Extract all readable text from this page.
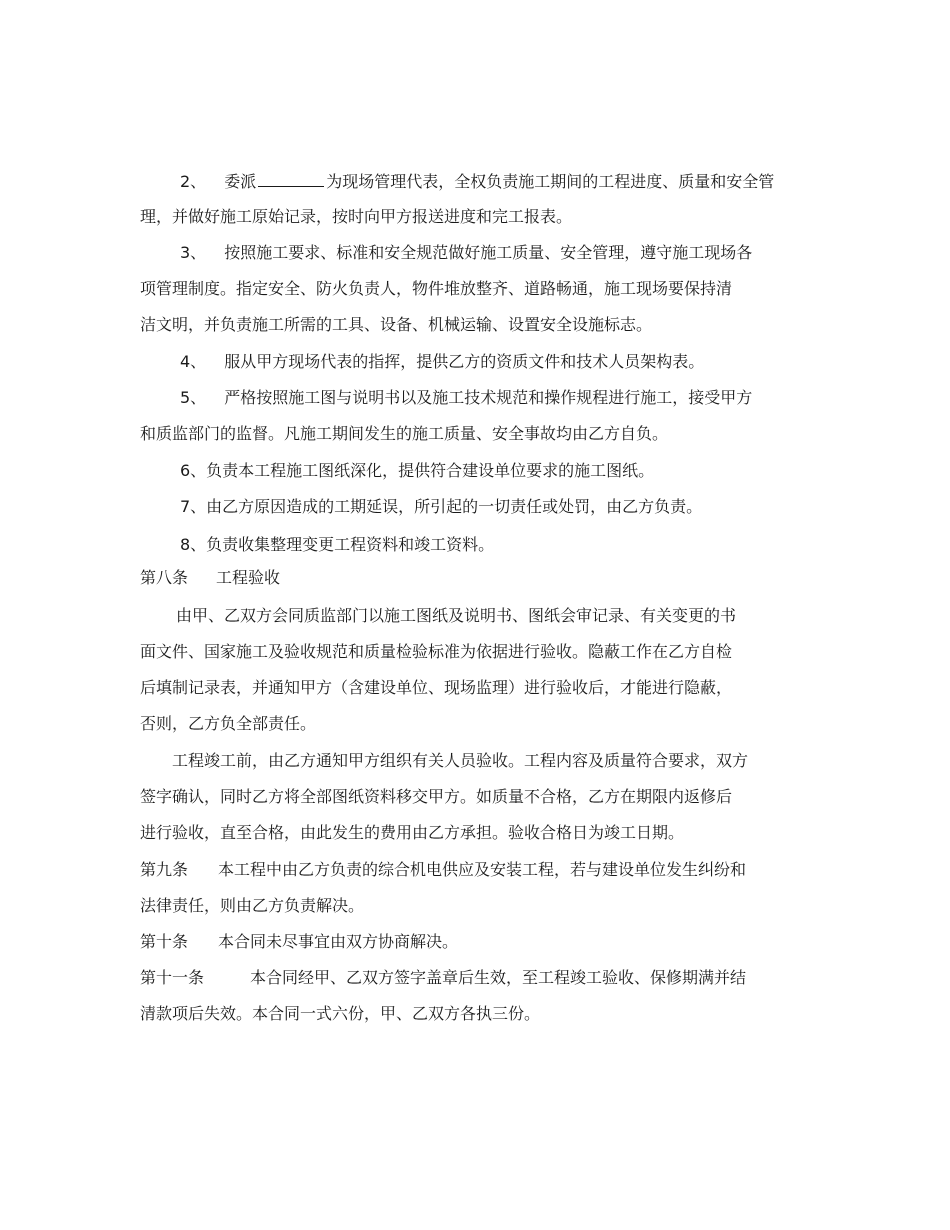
2、 委派	为现场管理代表，全权负责施工期间的工程进度、质量和安全管
理，并做好施工原始记录，按时向甲方报送进度和完工报表。
3、 按照施工要求、标准和安全规范做好施工质量、安全管理，遵守施工现场各
项管理制度。指定安全、防火负责人，物件堆放整齐、道路畅通，施工现场要保持清
洁文明，并负责施工所需的工具、设备、机械运输、设置安全设施标志。
4、 服从甲方现场代表的指挥，提供乙方的资质文件和技术人员架构表。
5、 严格按照施工图与说明书以及施工技术规范和操作规程进行施工，接受甲方
和质监部门的监督。凡施工期间发生的施工质量、安全事故均由乙方自负。
6、负责本工程施工图纸深化，提供符合建设单位要求的施工图纸。
7、由乙方原因造成的工期延误，所引起的一切责任或处罚，由乙方负责。
8、负责收集整理变更工程资料和竣工资料。
第八条 工程验收
由甲、乙双方会同质监部门以施工图纸及说明书、图纸会审记录、有关变更的书
面文件、国家施工及验收规范和质量检验标准为依据进行验收。隐蔽工作在乙方自检
后填制记录表，并通知甲方（含建设单位、现场监理）进行验收后，才能进行隐蔽，
否则，乙方负全部责任。
工程竣工前，由乙方通知甲方组织有关人员验收。工程内容及质量符合要求，双方
签字确认，同时乙方将全部图纸资料移交甲方。如质量不合格，乙方在期限内返修后
进行验收，直至合格，由此发生的费用由乙方承担。验收合格日为竣工日期。
第九条 本工程中由乙方负责的综合机电供应及安装工程，若与建设单位发生纠纷和
法律责任，则由乙方负责解决。
第十条 本合同未尽事宜由双方协商解决。
第十一条	本合同经甲、乙双方签字盖章后生效，至工程竣工验收、保修期满并结
清款项后失效。本合同一式六份，甲、乙双方各执三份。
